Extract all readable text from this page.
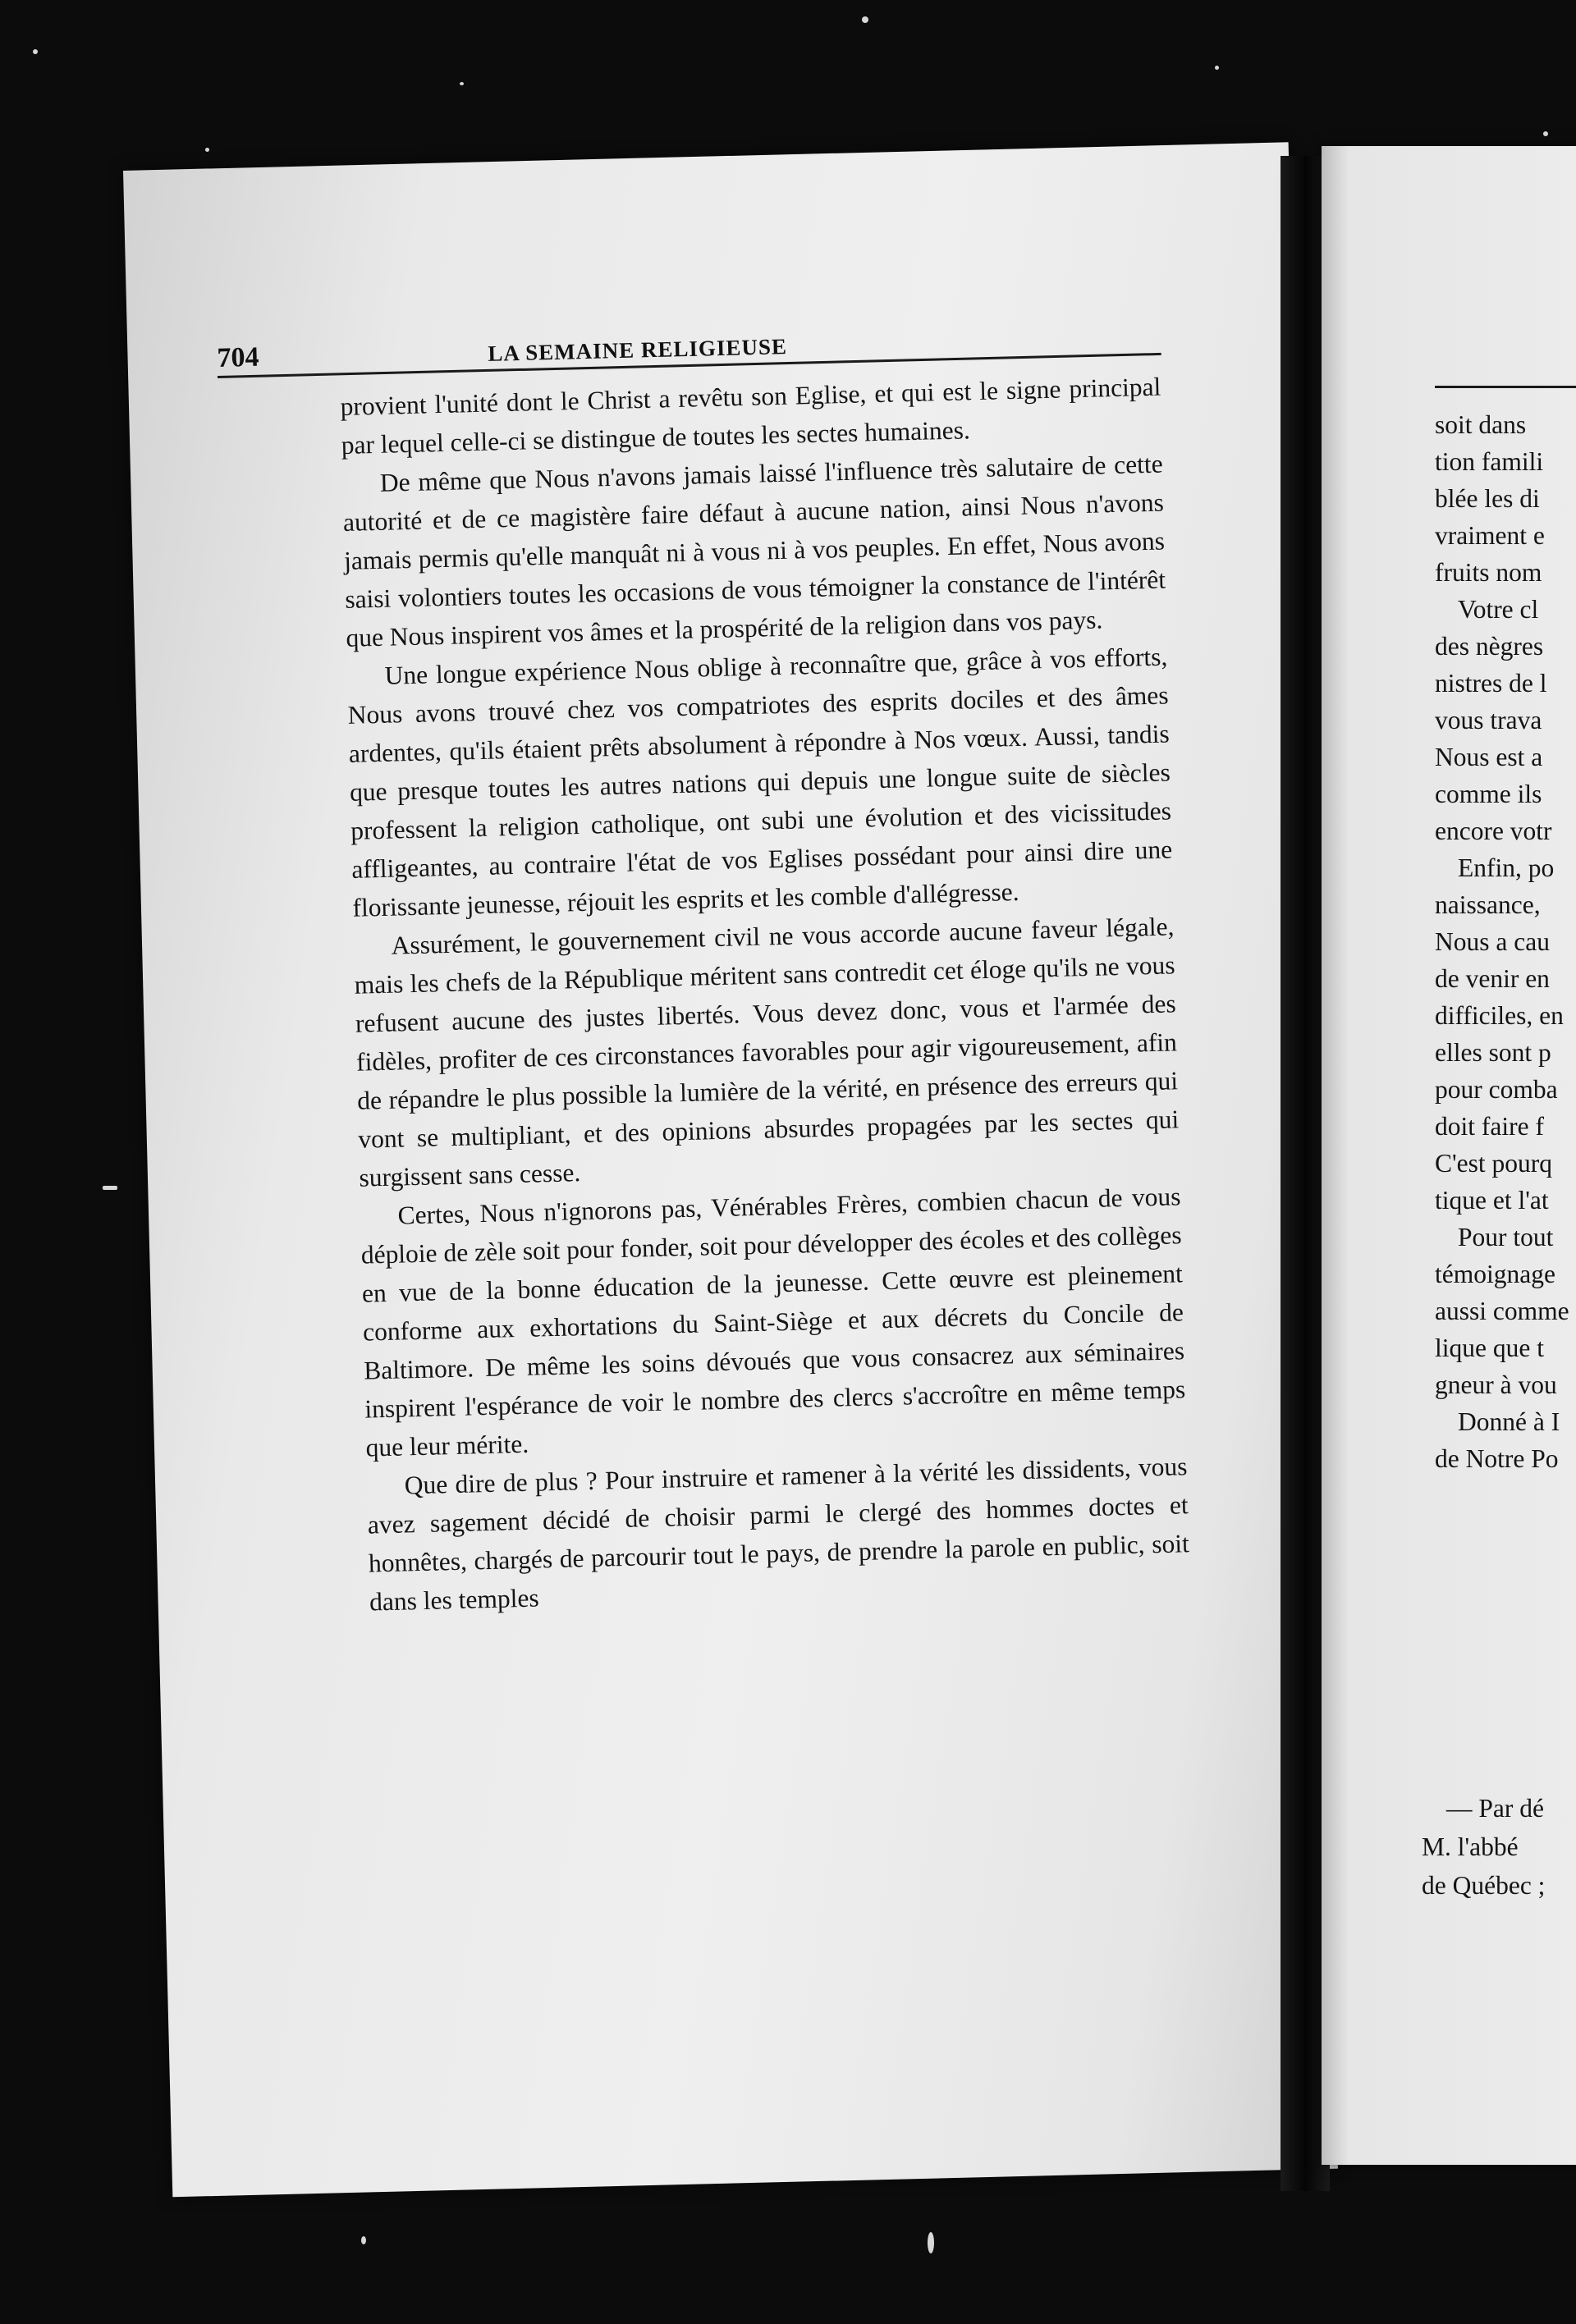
704	LA SEMAINE RELIGIEUSE

provient l'unité dont le Christ a revêtu son Eglise, et qui est le signe principal par lequel celle-ci se distingue de toutes les sectes humaines.

De même que Nous n'avons jamais laissé l'influence très salutaire de cette autorité et de ce magistère faire défaut à aucune nation, ainsi Nous n'avons jamais permis qu'elle manquât ni à vous ni à vos peuples. En effet, Nous avons saisi volontiers toutes les occasions de vous témoigner la constance de l'intérêt que Nous inspirent vos âmes et la prospérité de la religion dans vos pays.

Une longue expérience Nous oblige à reconnaître que, grâce à vos efforts, Nous avons trouvé chez vos compatriotes des esprits dociles et des âmes ardentes, qu'ils étaient prêts absolument à répondre à Nos vœux. Aussi, tandis que presque toutes les autres nations qui depuis une longue suite de siècles professent la religion catholique, ont subi une évolution et des vicissitudes affligeantes, au contraire l'état de vos Eglises possédant pour ainsi dire une florissante jeunesse, réjouit les esprits et les comble d'allégresse.

Assurément, le gouvernement civil ne vous accorde aucune faveur légale, mais les chefs de la République méritent sans contredit cet éloge qu'ils ne vous refusent aucune des justes libertés. Vous devez donc, vous et l'armée des fidèles, profiter de ces circonstances favorables pour agir vigoureusement, afin de répandre le plus possible la lumière de la vérité, en présence des erreurs qui vont se multipliant, et des opinions absurdes propagées par les sectes qui surgissent sans cesse.

Certes, Nous n'ignorons pas, Vénérables Frères, combien chacun de vous déploie de zèle soit pour fonder, soit pour développer des écoles et des collèges en vue de la bonne éducation de la jeunesse. Cette œuvre est pleinement conforme aux exhortations du Saint-Siège et aux décrets du Concile de Baltimore. De même les soins dévoués que vous consacrez aux séminaires inspirent l'espérance de voir le nombre des clercs s'accroître en même temps que leur mérite.

Que dire de plus ? Pour instruire et ramener à la vérité les dissidents, vous avez sagement décidé de choisir parmi le clergé des hommes doctes et honnêtes, chargés de parcourir tout le pays, de prendre la parole en public, soit dans les temples

soit dans
tion famili
blée les di
vraiment e
fruits nom
Votre cl
des nègres
nistres de l
vous trava
Nous est a
comme ils
encore votr
Enfin, po
naissance,
Nous a cau
de venir en
difficiles, en
elles sont p
pour comba
doit faire f
C'est pourq
tique et l'at
Pour tout
témoignage
aussi comme
lique que t
gneur à vou
Donné à I
de Notre Po
— Par dé
M. l'abbé
de Québec ;
